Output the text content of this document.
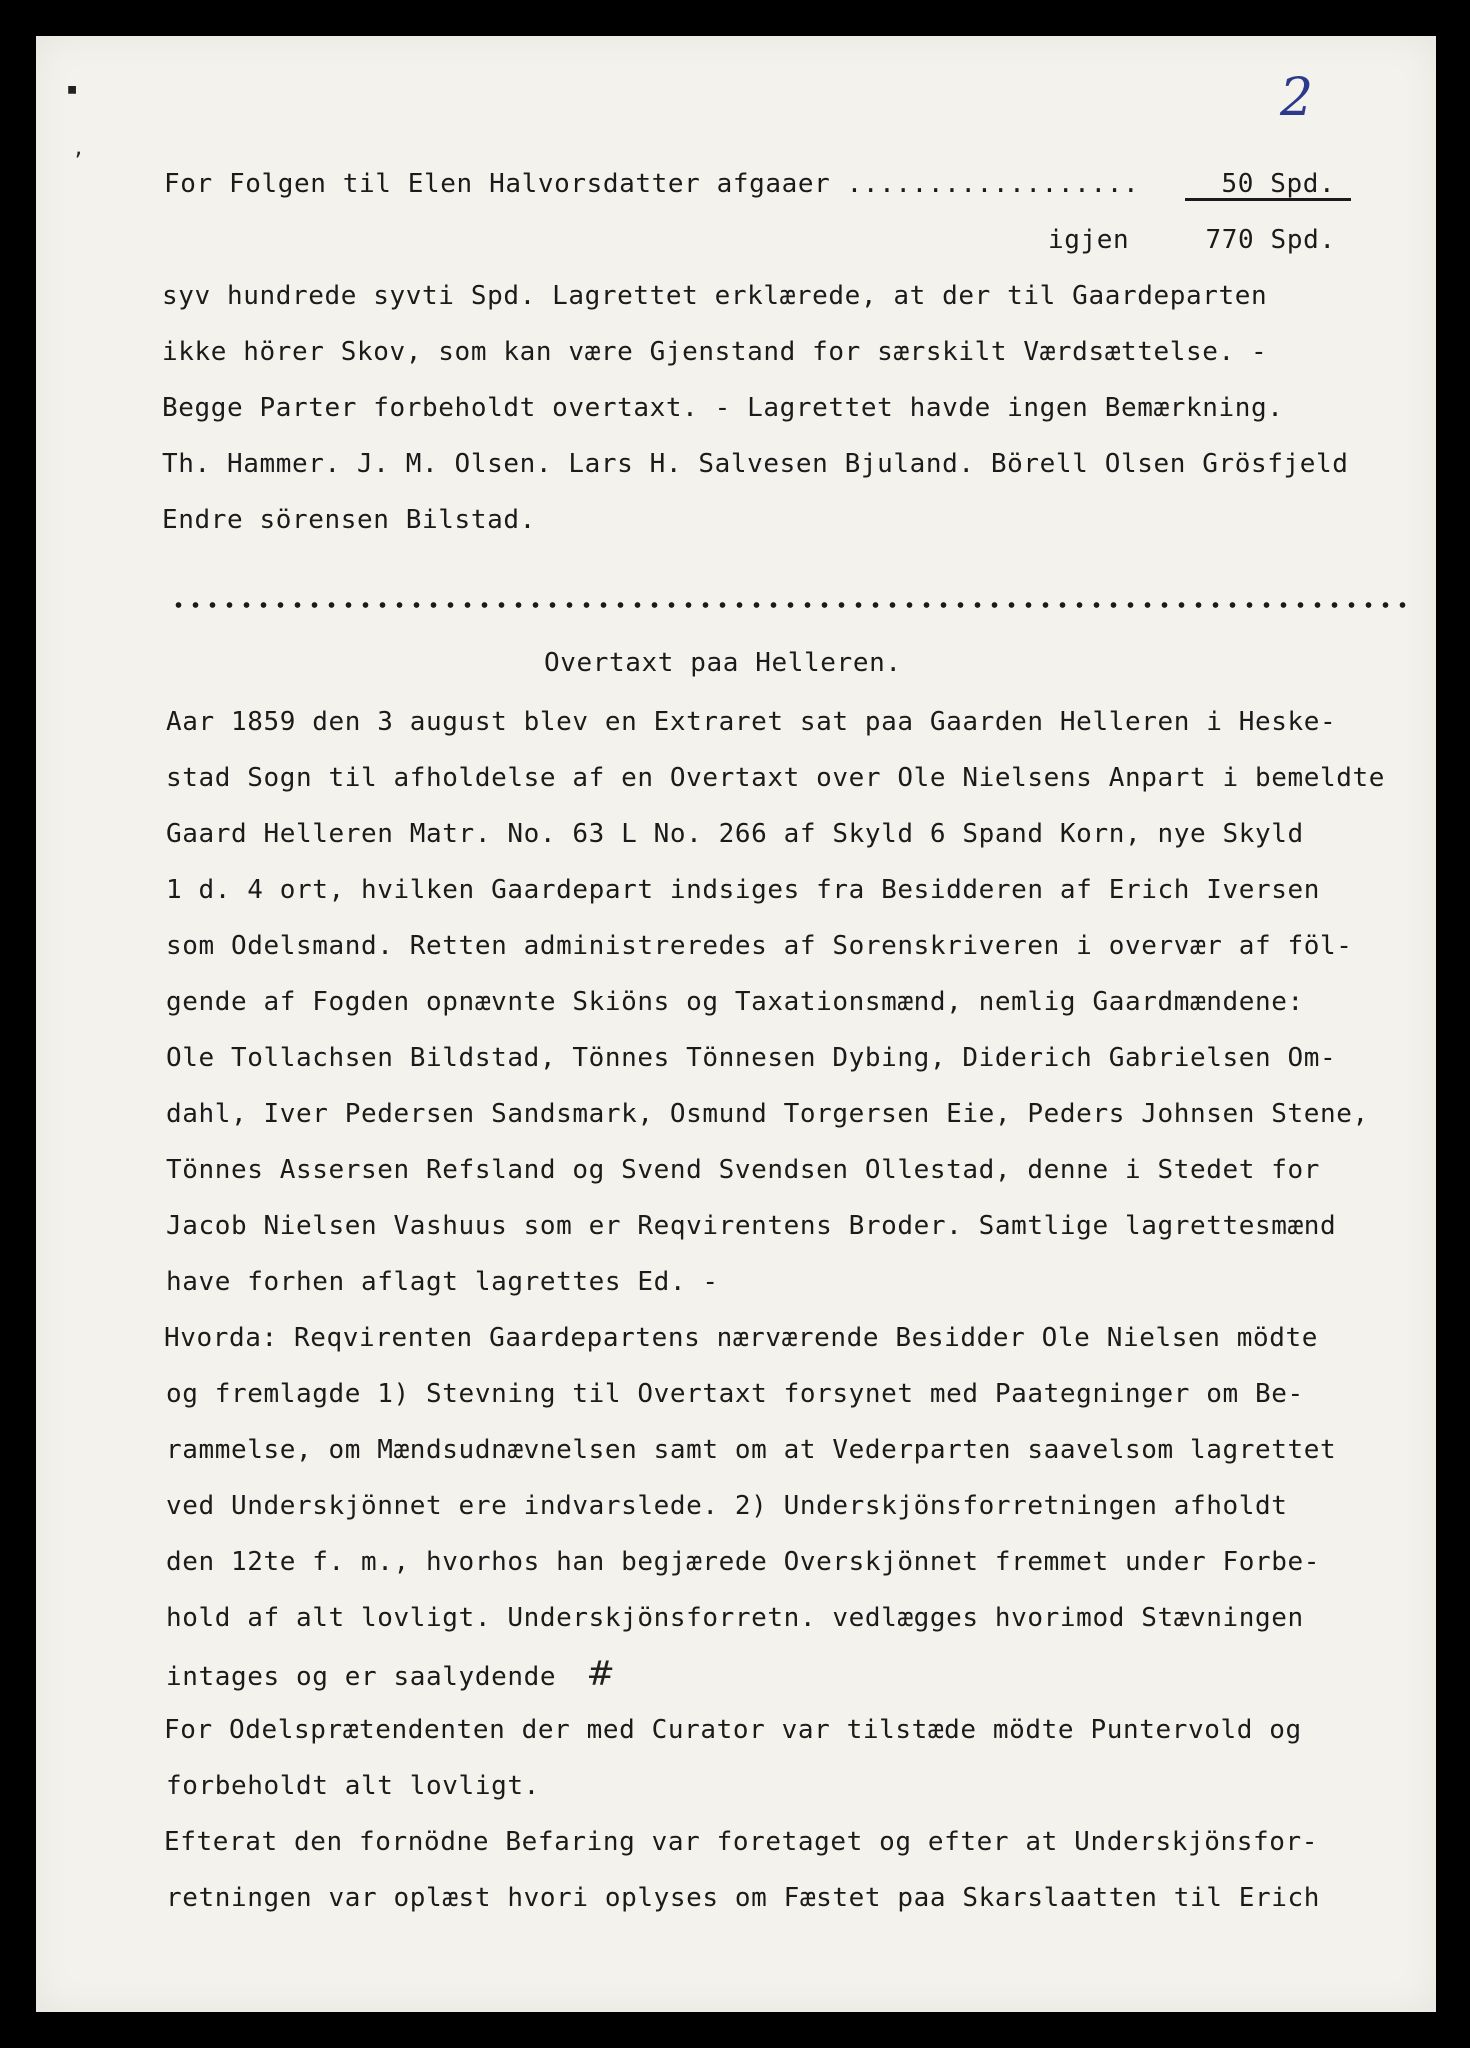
▪
ʼ
2
For Folgen til Elen Halvorsdatter afgaaer ..................	50 Spd.
igjen	770 Spd.
syv hundrede syvti Spd. Lagrettet erklærede, at der til Gaardeparten
ikke hörer Skov, som kan være Gjenstand for særskilt Værdsættelse. -
Begge Parter forbeholdt overtaxt. - Lagrettet havde ingen Bemærkning.
Th. Hammer. J. M. Olsen. Lars H. Salvesen Bjuland. Börell Olsen Grösfjeld
Endre sörensen Bilstad.
Overtaxt paa Helleren.
Aar 1859 den 3 august blev en Extraret sat paa Gaarden Helleren i Heske-
stad Sogn til afholdelse af en Overtaxt over Ole Nielsens Anpart i bemeldte
Gaard Helleren Matr. No. 63 L No. 266 af Skyld 6 Spand Korn, nye Skyld
1 d. 4 ort, hvilken Gaardepart indsiges fra Besidderen af Erich Iversen
som Odelsmand. Retten administreredes af Sorenskriveren i overvær af föl-
gende af Fogden opnævnte Skiöns og Taxationsmænd, nemlig Gaardmændene:
Ole Tollachsen Bildstad, Tönnes Tönnesen Dybing, Diderich Gabrielsen Om-
dahl, Iver Pedersen Sandsmark, Osmund Torgersen Eie, Peders Johnsen Stene,
Tönnes Assersen Refsland og Svend Svendsen Ollestad, denne i Stedet for
Jacob Nielsen Vashuus som er Reqvirentens Broder. Samtlige lagrettesmænd
have forhen aflagt lagrettes Ed. -
Hvorda: Reqvirenten Gaardepartens nærværende Besidder Ole Nielsen mödte
og fremlagde 1) Stevning til Overtaxt forsynet med Paategninger om Be-
rammelse, om Mændsudnævnelsen samt om at Vederparten saavelsom lagrettet
ved Underskjönnet ere indvarslede. 2) Underskjönsforretningen afholdt
den 12te f. m., hvorhos han begjærede Overskjönnet fremmet under Forbe-
hold af alt lovligt. Underskjönsforretn. vedlægges hvorimod Stævningen
intages og er saalydende #
For Odelsprætendenten der med Curator var tilstæde mödte Puntervold og
forbeholdt alt lovligt.
Efterat den fornödne Befaring var foretaget og efter at Underskjönsfor-
retningen var oplæst hvori oplyses om Fæstet paa Skarslaatten til Erich
